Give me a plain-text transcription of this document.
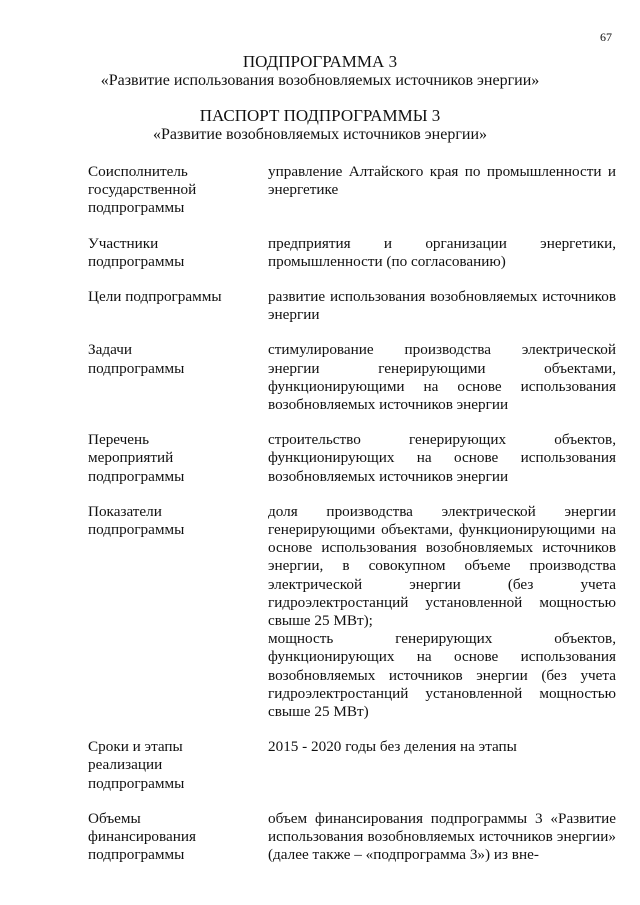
67
ПОДПРОГРАММА 3
«Развитие использования возобновляемых источников энергии»
ПАСПОРТ ПОДПРОГРАММЫ 3
«Развитие возобновляемых источников энергии»
Соисполнитель
государственной
подпрограммы

управление Алтайского края по промышленности и энергетике

Участники
подпрограммы

предприятия и организации энергетики, промышленности (по согласованию)

Цели подпрограммы	развитие использования возобновляемых источников энергии

Задачи
подпрограммы

стимулирование производства электрической энергии генерирующими объектами, функционирующими на основе использования возобновляемых источников энергии

Перечень
мероприятий
подпрограммы

строительство генерирующих объектов, функционирующих на основе использования возобновляемых источников энергии

Показатели
подпрограммы

доля производства электрической энергии генерирующими объектами, функционирующими на основе использования возобновляемых источников энергии, в совокупном объеме производства электрической энергии (без учета гидроэлектростанций установленной мощностью свыше 25 МВт);

мощность генерирующих объектов, функционирующих на основе использования возобновляемых источников энергии (без учета гидроэлектростанций установленной мощностью свыше 25 МВт)

Сроки и этапы
реализации
подпрограммы

2015 - 2020 годы без деления на этапы

Объемы
финансирования
подпрограммы

объем финансирования подпрограммы 3 «Развитие использования возобновляемых источников энергии» (далее также – «подпрограмма 3») из вне-
